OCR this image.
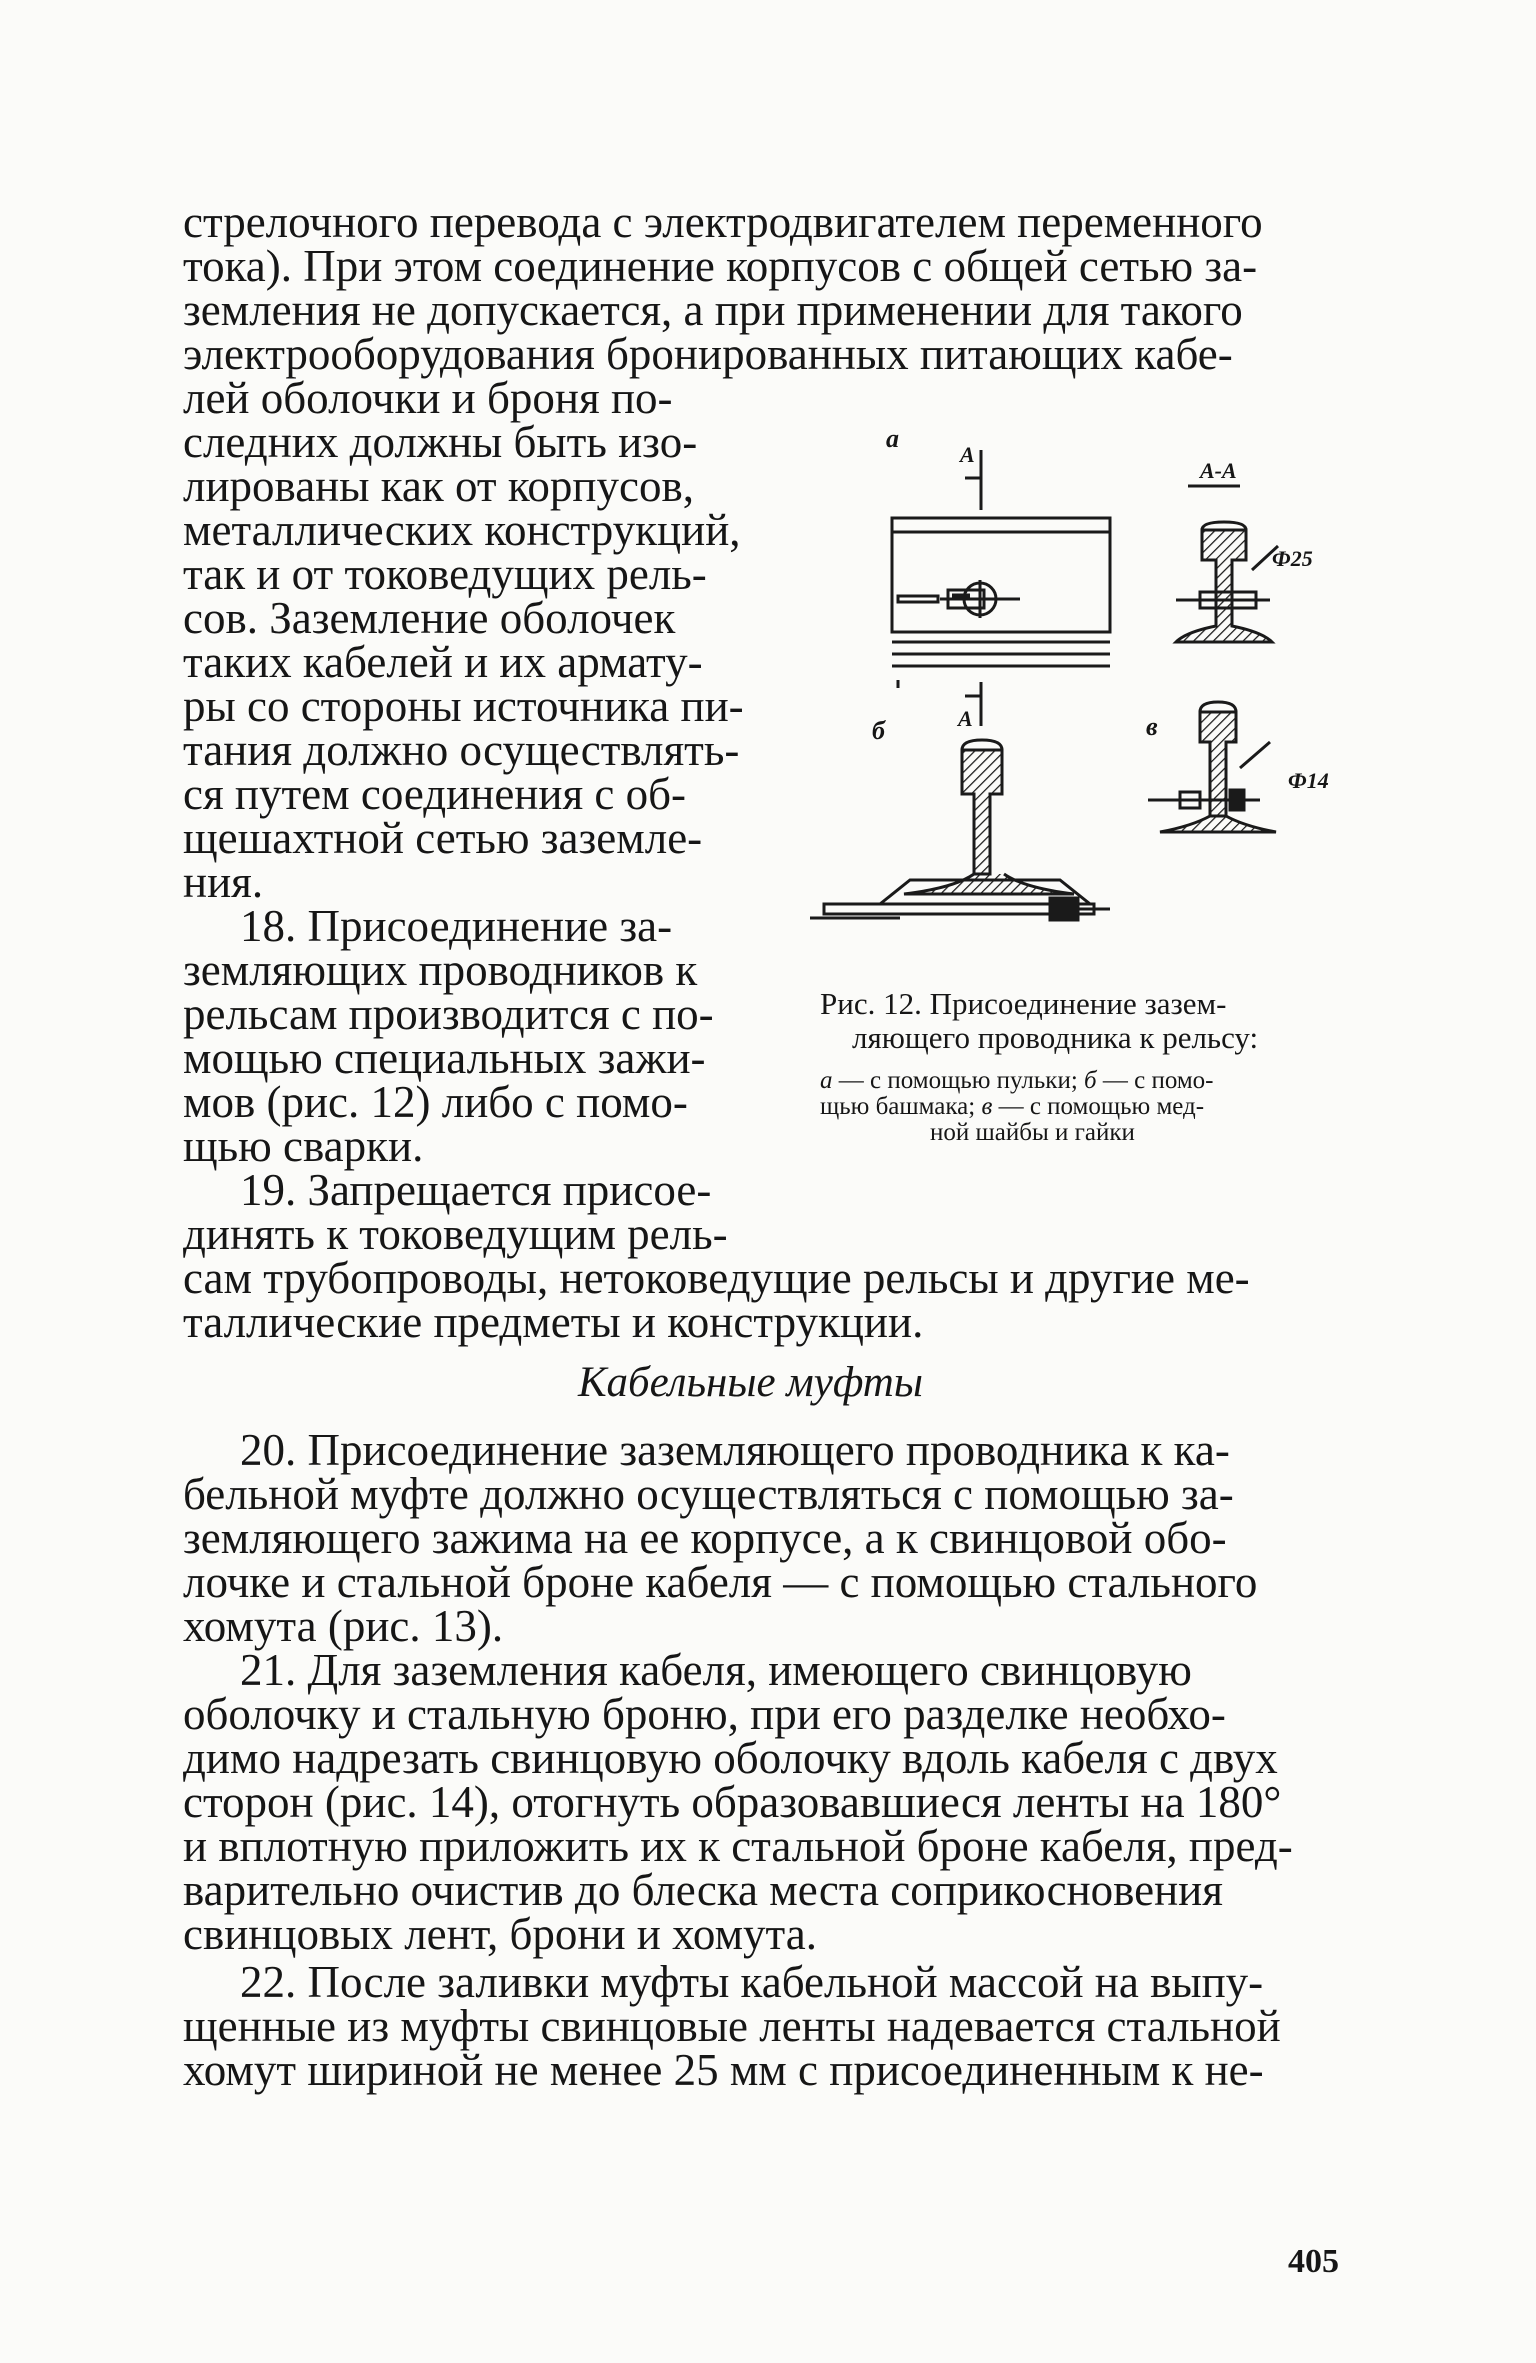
стрелочного перевода с электродвигателем переменного
тока). При этом соединение корпусов с общей сетью за-
земления не допускается, а при применении для такого
электрооборудования бронированных питающих кабе-
лей оболочки и броня по-
следних должны быть изо-
лированы как от корпусов,
металлических конструкций,
так и от токоведущих рель-
сов. Заземление оболочек
таких кабелей и их армату-
ры со стороны источника пи-
тания должно осуществлять-
ся путем соединения с об-
щешахтной сетью заземле-
ния.
18. Присоединение за-
земляющих проводников к
рельсам производится с по-
мощью специальных зажи-
мов (рис. 12) либо с помо-
щью сварки.
19. Запрещается присое-
динять к токоведущим рель-
сам трубопроводы, нетоковедущие рельсы и другие ме-
таллические предметы и конструкции.
Кабельные муфты
20. Присоединение заземляющего проводника к ка-
бельной муфте должно осуществляться с помощью за-
земляющего зажима на ее корпусе, а к свинцовой обо-
лочке и стальной броне кабеля — с помощью стального
хомута (рис. 13).
21. Для заземления кабеля, имеющего свинцовую
оболочку и стальную броню, при его разделке необхо-
димо надрезать свинцовую оболочку вдоль кабеля с двух
сторон (рис. 14), отогнуть образовавшиеся ленты на 180°
и вплотную приложить их к стальной броне кабеля, пред-
варительно очистив до блеска места соприкосновения
свинцовых лент, брони и хомута.
22. После заливки муфты кабельной массой на выпу-
щенные из муфты свинцовые ленты надевается стальной
хомут шириной не менее 25 мм с присоединенным к не-
а
А
А-А
Ф25
А
б	в
Ф14
Рис. 12. Присоединение зазем-
ляющего проводника к рельсу:
а — с помощью пульки; б — с помо-
щью башмака; в — с помощью мед-
ной шайбы и гайки
405
